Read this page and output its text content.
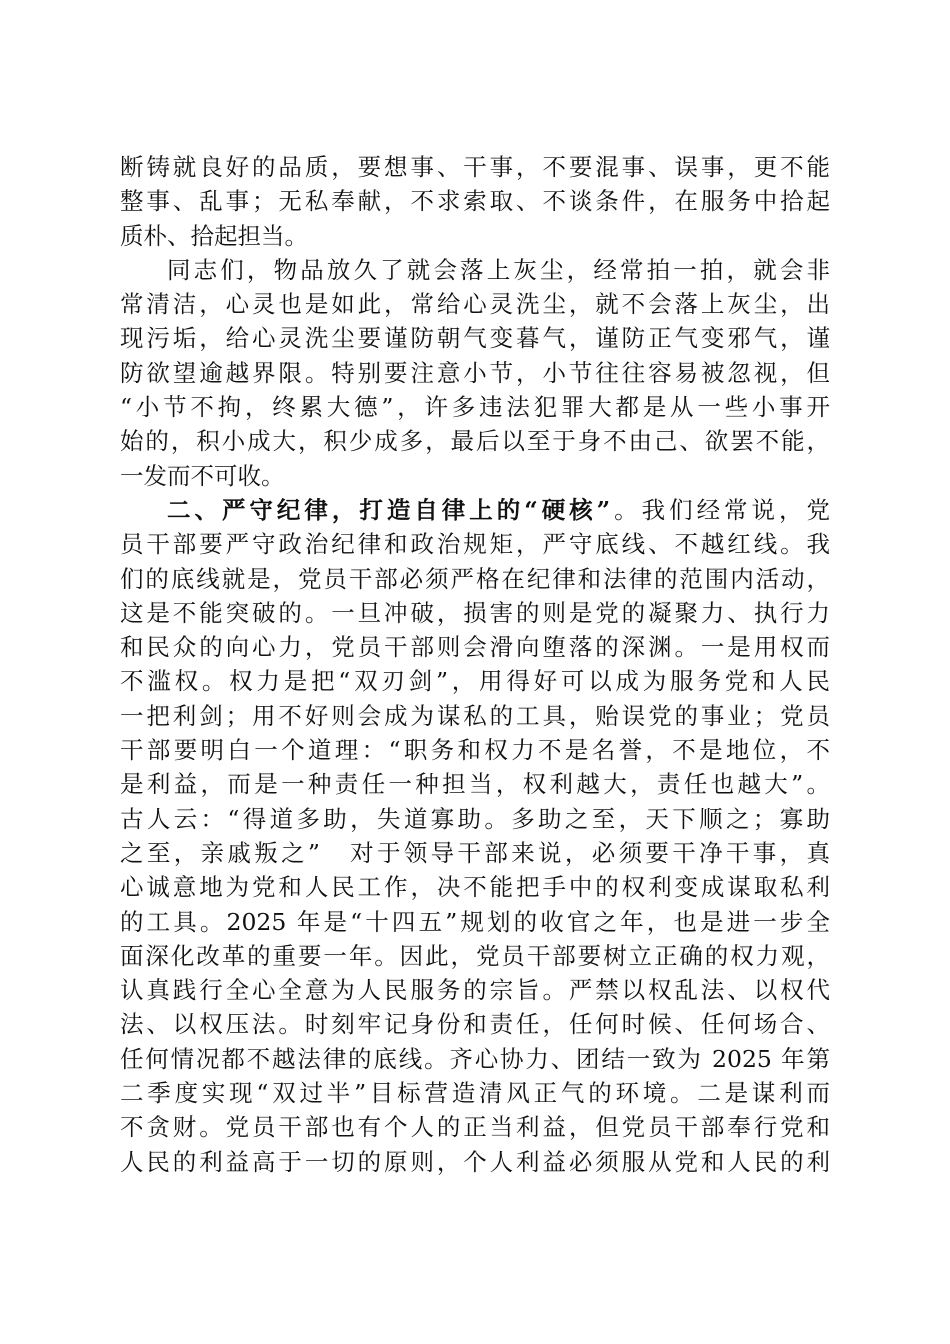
断铸就良好的品质，要想事、干事，不要混事、误事，更不能
整事、乱事；无私奉献，不求索取、不谈条件，在服务中拾起
质朴、拾起担当。
同志们，物品放久了就会落上灰尘，经常拍一拍，就会非
常清洁，心灵也是如此，常给心灵洗尘，就不会落上灰尘，出
现污垢，给心灵洗尘要谨防朝气变暮气，谨防正气变邪气，谨
防欲望逾越界限。特别要注意小节，小节往往容易被忽视，但
“小节不拘，终累大德”，许多违法犯罪大都是从一些小事开
始的，积小成大，积少成多，最后以至于身不由己、欲罢不能，
一发而不可收。
二、严守纪律，打造自律上的“硬核”。我们经常说，党
员干部要严守政治纪律和政治规矩，严守底线、不越红线。我
们的底线就是，党员干部必须严格在纪律和法律的范围内活动，
这是不能突破的。一旦冲破，损害的则是党的凝聚力、执行力
和民众的向心力，党员干部则会滑向堕落的深渊。一是用权而
不滥权。权力是把“双刃剑”，用得好可以成为服务党和人民
一把利剑；用不好则会成为谋私的工具，贻误党的事业；党员
干部要明白一个道理：“职务和权力不是名誉，不是地位，不
是利益，而是一种责任一种担当，权利越大，责任也越大”。
古人云：“得道多助，失道寡助。多助之至，天下顺之；寡助
之至，亲戚叛之”　对于领导干部来说，必须要干净干事，真
心诚意地为党和人民工作，决不能把手中的权利变成谋取私利
的工具。2025 年是“十四五”规划的收官之年，也是进一步全
面深化改革的重要一年。因此，党员干部要树立正确的权力观，
认真践行全心全意为人民服务的宗旨。严禁以权乱法、以权代
法、以权压法。时刻牢记身份和责任，任何时候、任何场合、
任何情况都不越法律的底线。齐心协力、团结一致为 2025 年第
二季度实现“双过半”目标营造清风正气的环境。二是谋利而
不贪财。党员干部也有个人的正当利益，但党员干部奉行党和
人民的利益高于一切的原则，个人利益必须服从党和人民的利
